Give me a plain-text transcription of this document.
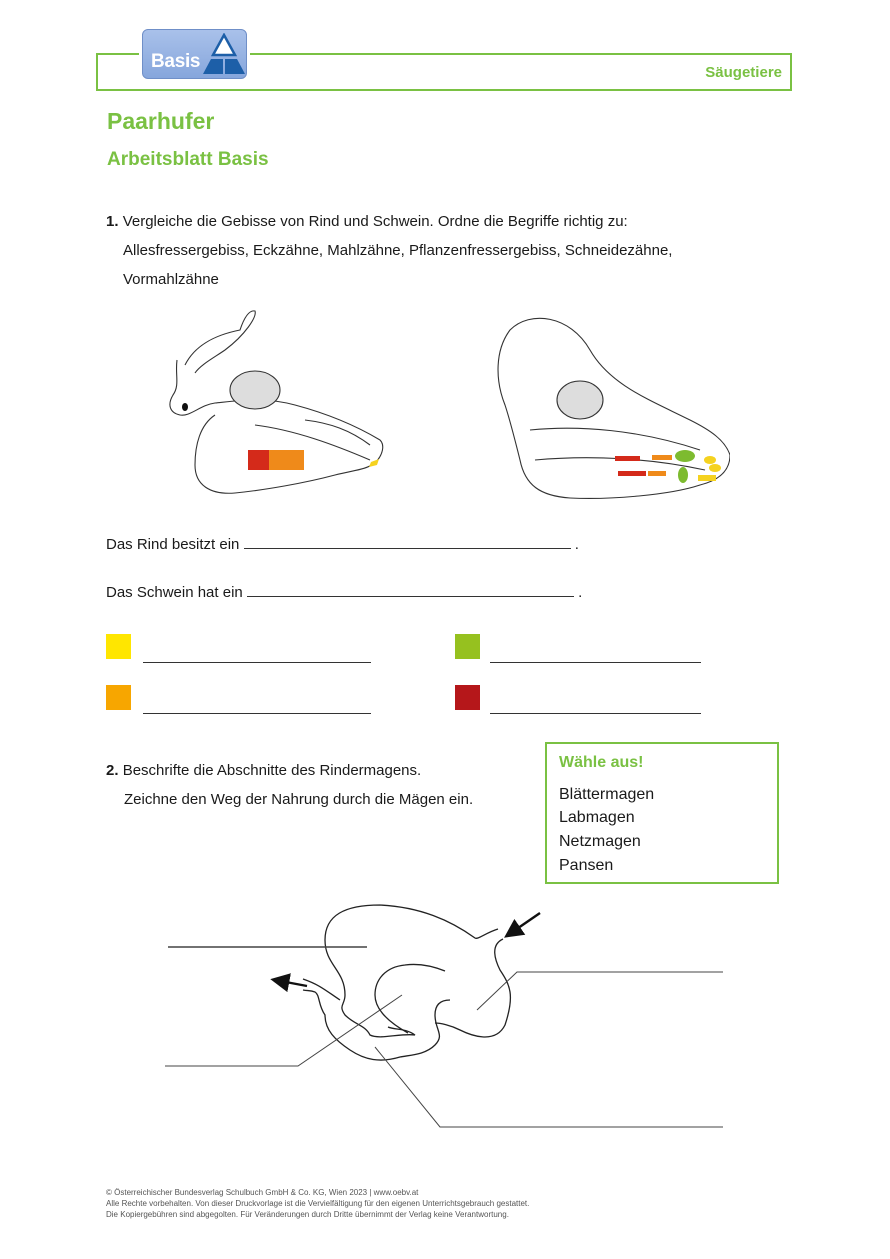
Basis
Säugetiere
Paarhufer
Arbeitsblatt Basis
1. Vergleiche die Gebisse von Rind und Schwein. Ordne die Begriffe richtig zu:
Allesfressergebiss, Eckzähne, Mahlzähne, Pflanzenfressergebiss, Schneidezähne,
Vormahlzähne
Das Rind besitzt ein	.
Das Schwein hat ein	.
2. Beschrifte die Abschnitte des Rindermagens.
Zeichne den Weg der Nahrung durch die Mägen ein.
Wähle aus!
Blättermagen
Labmagen
Netzmagen
Pansen
© Österreichischer Bundesverlag Schulbuch GmbH & Co. KG, Wien 2023 | www.oebv.at
Alle Rechte vorbehalten. Von dieser Druckvorlage ist die Vervielfältigung für den eigenen Unterrichtsgebrauch gestattet.
Die Kopiergebühren sind abgegolten. Für Veränderungen durch Dritte übernimmt der Verlag keine Verantwortung.
